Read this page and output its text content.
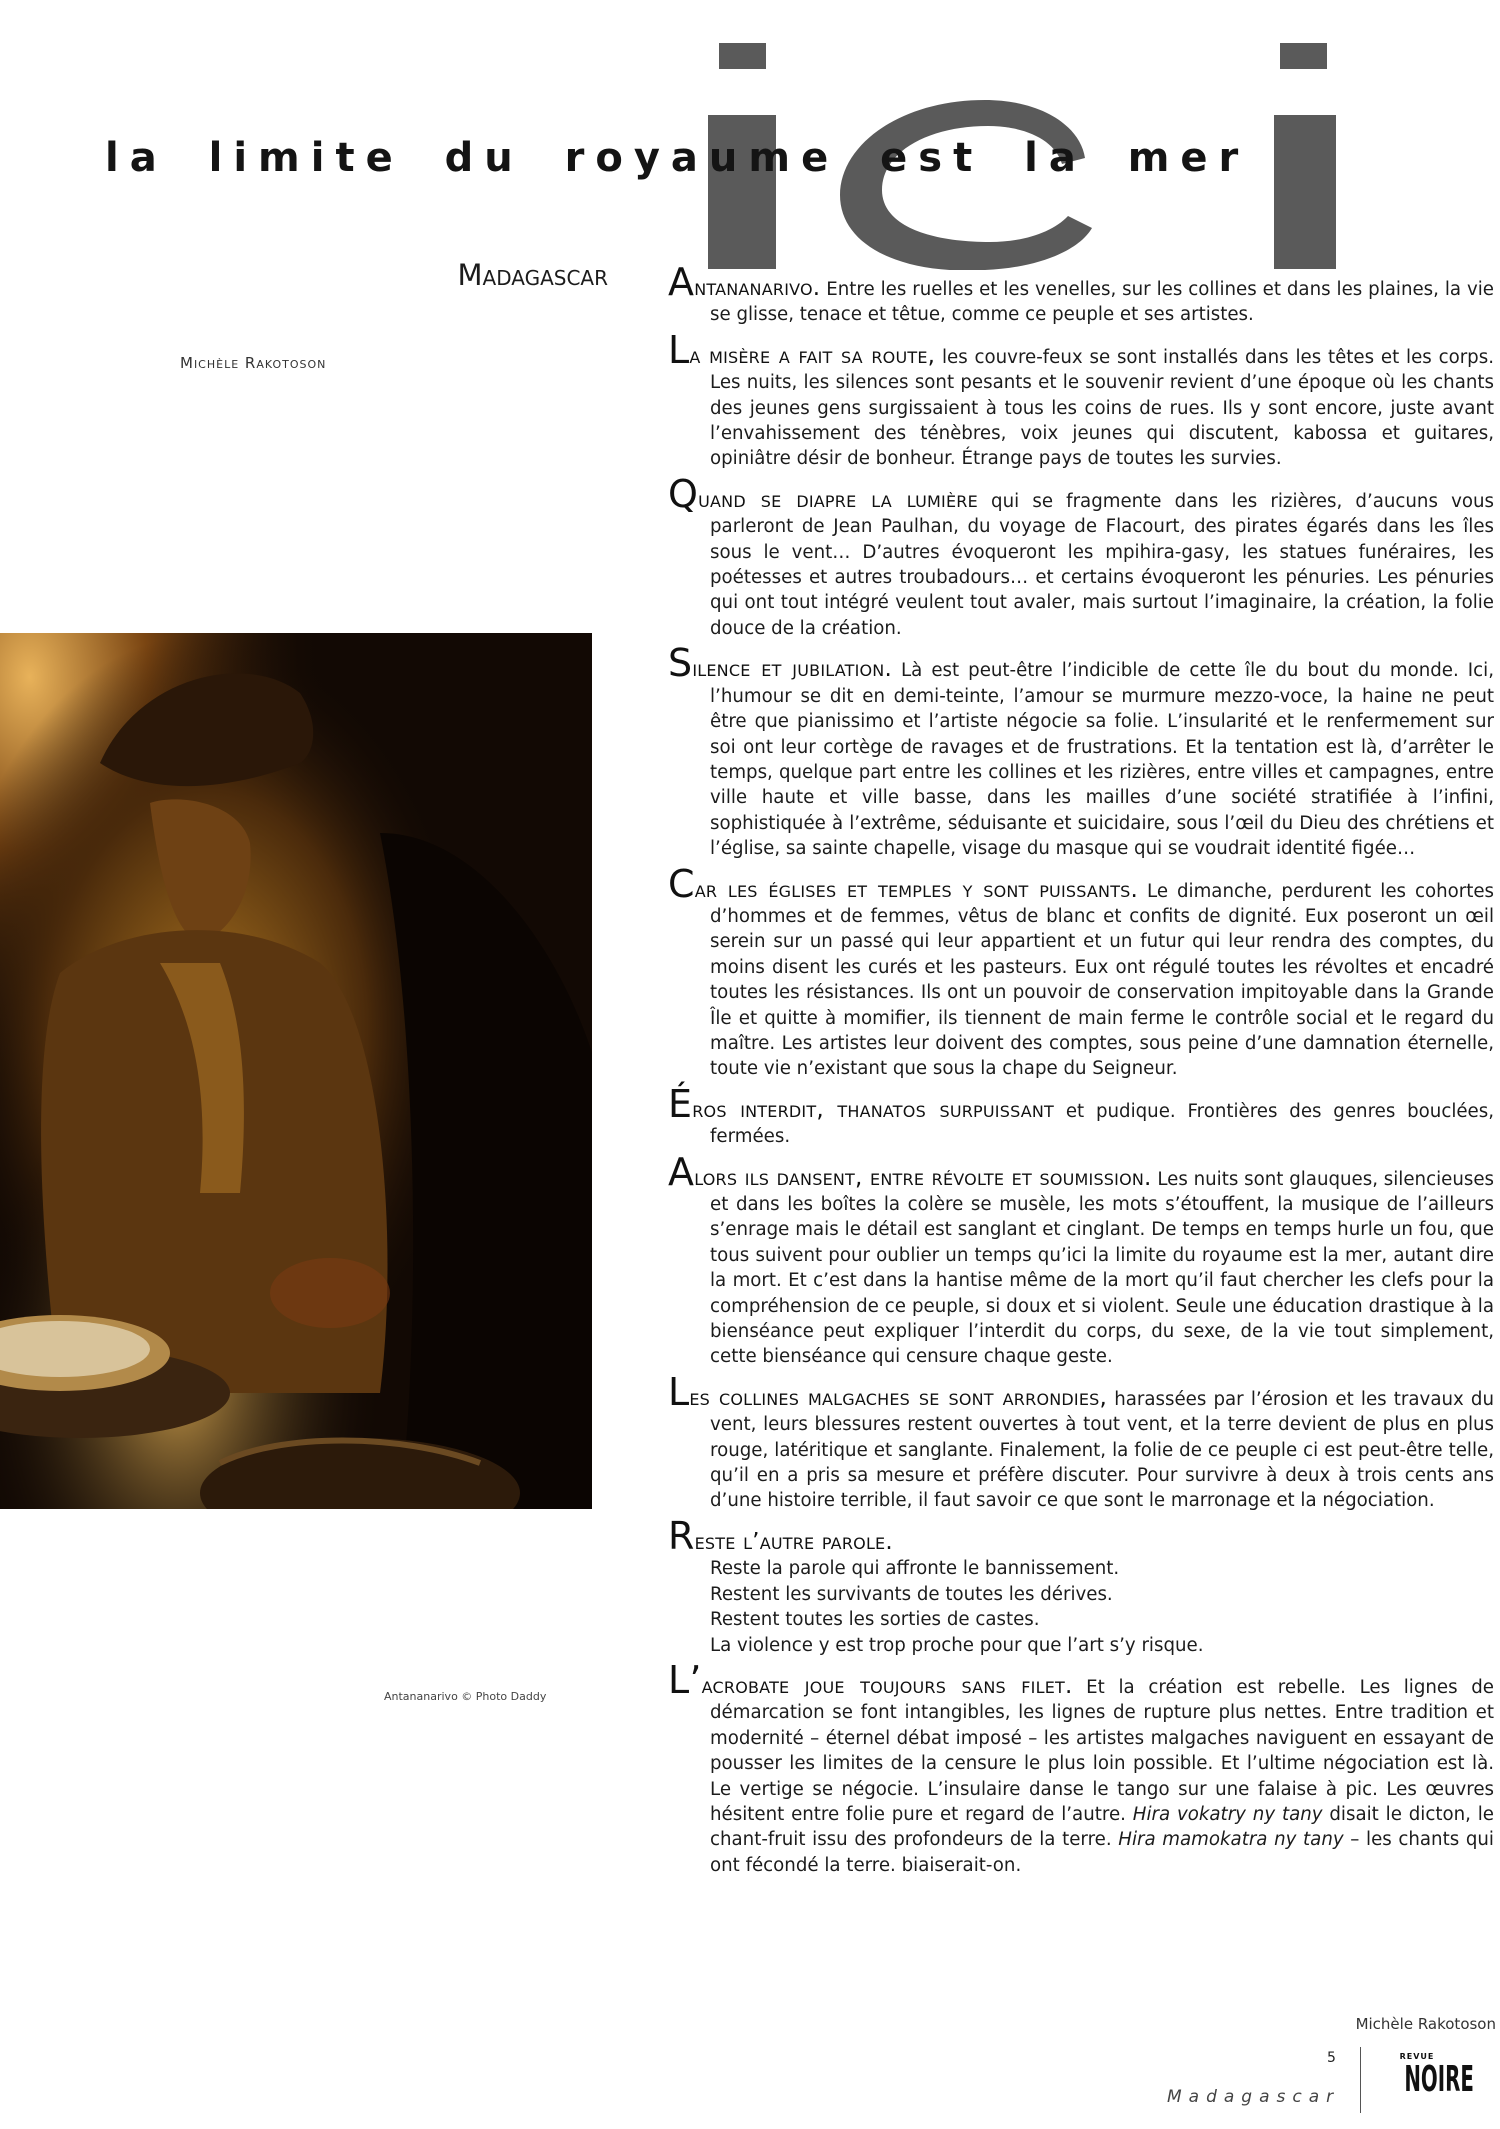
la limite du royaume est la mer
Madagascar
Michèle Rakotoson
Antananarivo © Photo Daddy

Antananarivo. Entre les ruelles et les venelles, sur les collines et dans les plaines, la vie se glisse, tenace et têtue, comme ce peuple et ses artistes.

La misère a fait sa route, les couvre-feux se sont installés dans les têtes et les corps. Les nuits, les silences sont pesants et le souvenir revient d’une époque où les chants des jeunes gens surgissaient à tous les coins de rues. Ils y sont encore, juste avant l’envahissement des ténèbres, voix jeunes qui discutent, kabossa et guitares, opiniâtre désir de bonheur. Étrange pays de toutes les survies.

Quand se diapre la lumière qui se fragmente dans les rizières, d’aucuns vous parleront de Jean Paulhan, du voyage de Flacourt, des pirates égarés dans les îles sous le vent… D’autres évoqueront les mpihira-gasy, les statues funéraires, les poétesses et autres troubadours… et certains évoqueront les pénuries. Les pénuries qui ont tout intégré veulent tout avaler, mais surtout l’imaginaire, la création, la folie douce de la création.

Silence et jubilation. Là est peut-être l’indicible de cette île du bout du monde. Ici, l’humour se dit en demi-teinte, l’amour se murmure mezzo-voce, la haine ne peut être que pianissimo et l’artiste négocie sa folie. L’insularité et le renfermement sur soi ont leur cortège de ravages et de frustrations. Et la tentation est là, d’arrêter le temps, quelque part entre les collines et les rizières, entre villes et campagnes, entre ville haute et ville basse, dans les mailles d’une société stratifiée à l’infini, sophistiquée à l’extrême, séduisante et suicidaire, sous l’œil du Dieu des chrétiens et l’église, sa sainte chapelle, visage du masque qui se voudrait identité figée…

Car les églises et temples y sont puissants. Le dimanche, perdurent les cohortes d’hommes et de femmes, vêtus de blanc et confits de dignité. Eux poseront un œil serein sur un passé qui leur appartient et un futur qui leur rendra des comptes, du moins disent les curés et les pasteurs. Eux ont régulé toutes les révoltes et encadré toutes les résistances. Ils ont un pouvoir de conservation impitoyable dans la Grande Île et quitte à momifier, ils tiennent de main ferme le contrôle social et le regard du maître. Les artistes leur doivent des comptes, sous peine d’une damnation éternelle, toute vie n’existant que sous la chape du Seigneur.

Éros interdit, thanatos surpuissant et pudique. Frontières des genres bouclées, fermées.

Alors ils dansent, entre révolte et soumission. Les nuits sont glauques, silencieuses et dans les boîtes la colère se musèle, les mots s’étouffent, la musique de l’ailleurs s’enrage mais le détail est sanglant et cinglant. De temps en temps hurle un fou, que tous suivent pour oublier un temps qu’ici la limite du royaume est la mer, autant dire la mort. Et c’est dans la hantise même de la mort qu’il faut chercher les clefs pour la compréhension de ce peuple, si doux et si violent. Seule une éducation drastique à la bienséance peut expliquer l’interdit du corps, du sexe, de la vie tout simplement, cette bienséance qui censure chaque geste.

Les collines malgaches se sont arrondies, harassées par l’érosion et les travaux du vent, leurs blessures restent ouvertes à tout vent, et la terre devient de plus en plus rouge, latéritique et sanglante. Finalement, la folie de ce peuple ci est peut-être telle, qu’il en a pris sa mesure et préfère discuter. Pour survivre à deux à trois cents ans d’une histoire terrible, il faut savoir ce que sont le marronage et la négociation.

Reste l’autre parole.
Reste la parole qui affronte le bannissement.
Restent les survivants de toutes les dérives.
Restent toutes les sorties de castes.
La violence y est trop proche pour que l’art s’y risque.

L’acrobate joue toujours sans filet. Et la création est rebelle. Les lignes de démarcation se font intangibles, les lignes de rupture plus nettes. Entre tradition et modernité – éternel débat imposé – les artistes malgaches naviguent en essayant de pousser les limites de la censure le plus loin possible. Et l’ultime négociation est là. Le vertige se négocie. L’insulaire danse le tango sur une falaise à pic. Les œuvres hésitent entre folie pure et regard de l’autre. Hira vokatry ny tany disait le dicton, le chant-fruit issu des profondeurs de la terre. Hira mamokatra ny tany – les chants qui ont fécondé la terre. biaiserait-on.

Michèle Rakotoson
5
Madagascar
REVUE
NOIRE
